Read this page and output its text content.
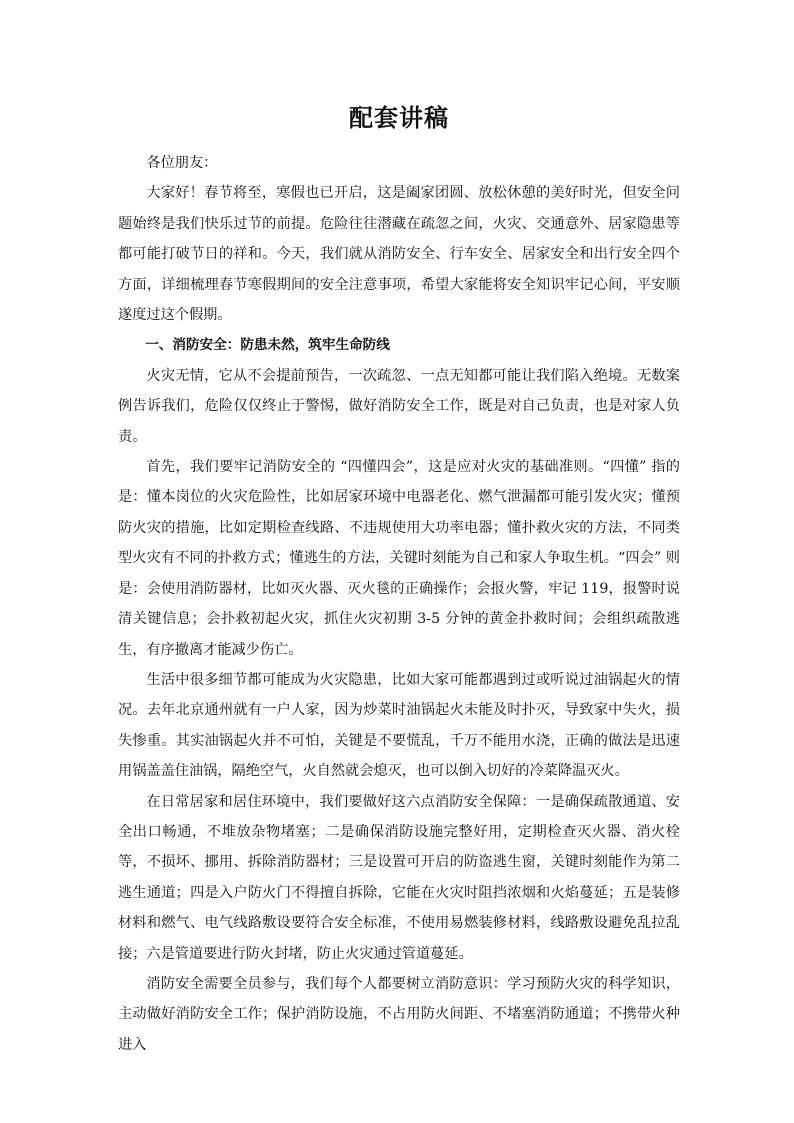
配套讲稿

各位朋友：

大家好！春节将至，寒假也已开启，这是阖家团圆、放松休憩的美好时光，但安全问题始终是我们快乐过节的前提。危险往往潜藏在疏忽之间，火灾、交通意外、居家隐患等都可能打破节日的祥和。今天，我们就从消防安全、行车安全、居家安全和出行安全四个方面，详细梳理春节寒假期间的安全注意事项，希望大家能将安全知识牢记心间，平安顺遂度过这个假期。

一、消防安全：防患未然，筑牢生命防线

火灾无情，它从不会提前预告，一次疏忽、一点无知都可能让我们陷入绝境。无数案例告诉我们，危险仅仅终止于警惕，做好消防安全工作，既是对自己负责，也是对家人负责。

首先，我们要牢记消防安全的 “四懂四会”，这是应对火灾的基础准则。“四懂” 指的是：懂本岗位的火灾危险性，比如居家环境中电器老化、燃气泄漏都可能引发火灾；懂预防火灾的措施，比如定期检查线路、不违规使用大功率电器；懂扑救火灾的方法，不同类型火灾有不同的扑救方式；懂逃生的方法，关键时刻能为自己和家人争取生机。“四会” 则是：会使用消防器材，比如灭火器、灭火毯的正确操作；会报火警，牢记 119，报警时说清关键信息；会扑救初起火灾，抓住火灾初期 3-5 分钟的黄金扑救时间；会组织疏散逃生，有序撤离才能减少伤亡。

生活中很多细节都可能成为火灾隐患，比如大家可能都遇到过或听说过油锅起火的情况。去年北京通州就有一户人家，因为炒菜时油锅起火未能及时扑灭，导致家中失火，损失惨重。其实油锅起火并不可怕，关键是不要慌乱，千万不能用水浇，正确的做法是迅速用锅盖盖住油锅，隔绝空气，火自然就会熄灭，也可以倒入切好的冷菜降温灭火。

在日常居家和居住环境中，我们要做好这六点消防安全保障：一是确保疏散通道、安全出口畅通，不堆放杂物堵塞；二是确保消防设施完整好用，定期检查灭火器、消火栓等，不损坏、挪用、拆除消防器材；三是设置可开启的防盗逃生窗，关键时刻能作为第二逃生通道；四是入户防火门不得擅自拆除，它能在火灾时阻挡浓烟和火焰蔓延；五是装修材料和燃气、电气线路敷设要符合安全标准，不使用易燃装修材料，线路敷设避免乱拉乱接；六是管道要进行防火封堵，防止火灾通过管道蔓延。

消防安全需要全员参与，我们每个人都要树立消防意识：学习预防火灾的科学知识，主动做好消防安全工作；保护消防设施，不占用防火间距、不堵塞消防通道；不携带火种进入
